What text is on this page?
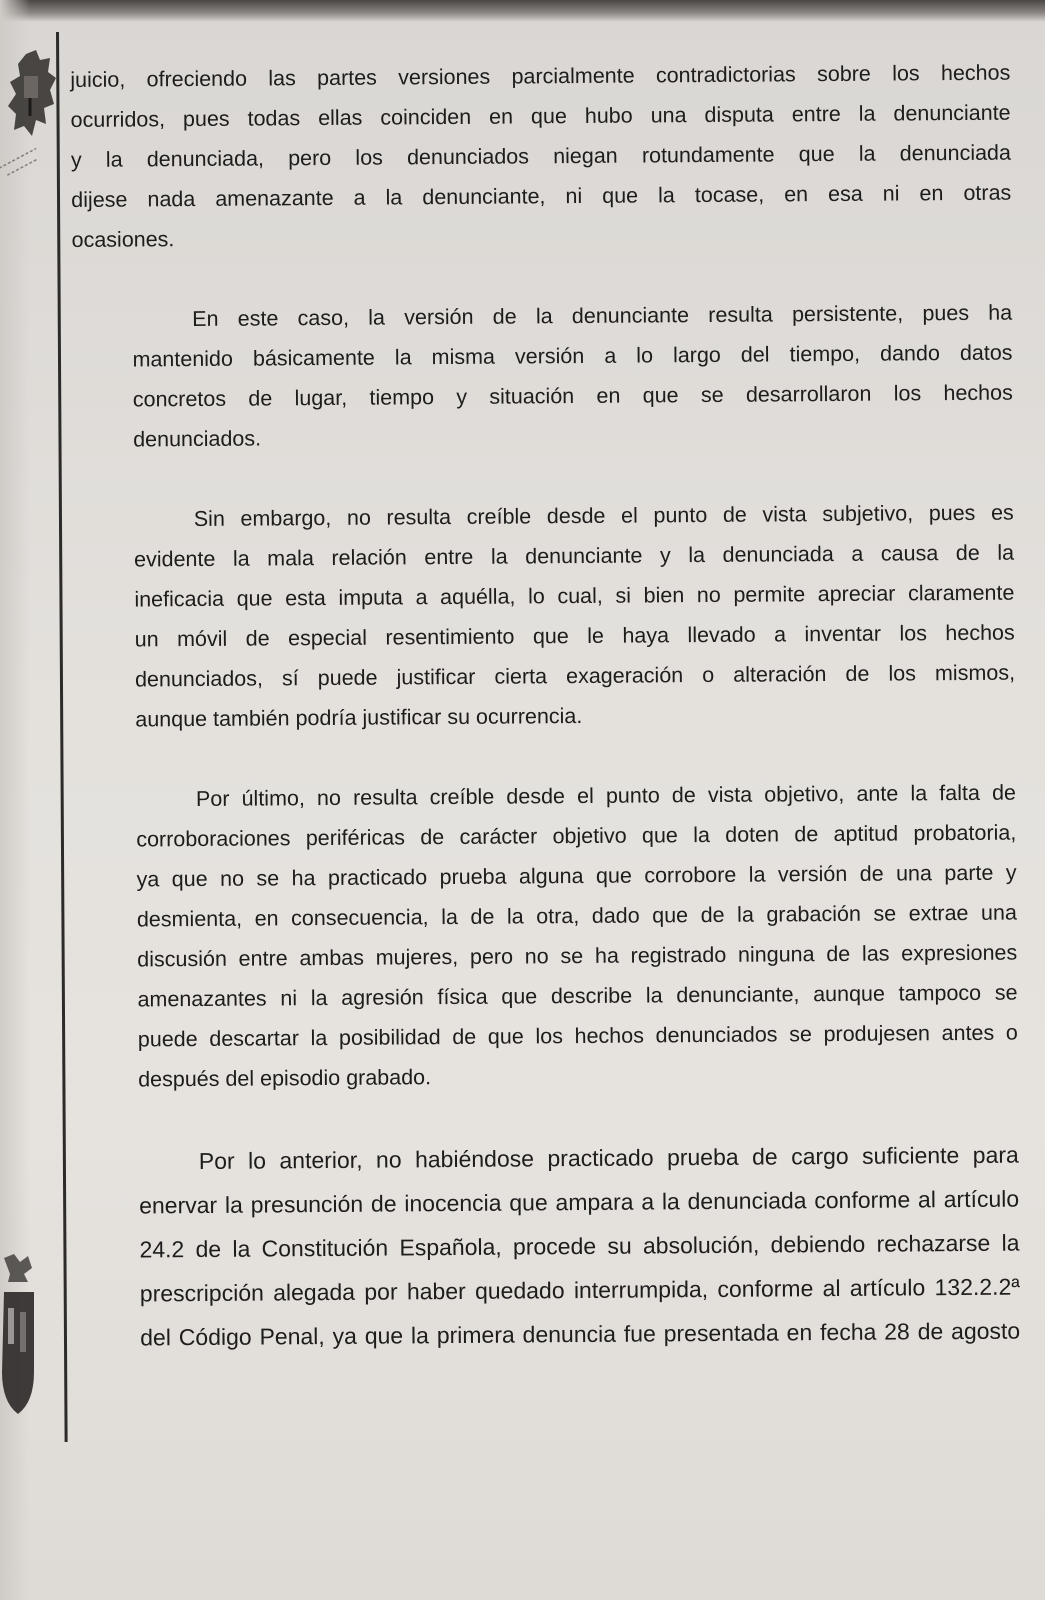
juicio, ofreciendo las partes versiones parcialmente contradictorias sobre los hechos
ocurridos, pues todas ellas coinciden en que hubo una disputa entre la denunciante
y la denunciada, pero los denunciados niegan rotundamente que la denunciada
dijese nada amenazante a la denunciante, ni que la tocase, en esa ni en otras
ocasiones.
En este caso, la versión de la denunciante resulta persistente, pues ha
mantenido básicamente la misma versión a lo largo del tiempo, dando datos
concretos de lugar, tiempo y situación en que se desarrollaron los hechos
denunciados.
Sin embargo, no resulta creíble desde el punto de vista subjetivo, pues es
evidente la mala relación entre la denunciante y la denunciada a causa de la
ineficacia que esta imputa a aquélla, lo cual, si bien no permite apreciar claramente
un móvil de especial resentimiento que le haya llevado a inventar los hechos
denunciados, sí puede justificar cierta exageración o alteración de los mismos,
aunque también podría justificar su ocurrencia.
Por último, no resulta creíble desde el punto de vista objetivo, ante la falta de
corroboraciones periféricas de carácter objetivo que la doten de aptitud probatoria,
ya que no se ha practicado prueba alguna que corrobore la versión de una parte y
desmienta, en consecuencia, la de la otra, dado que de la grabación se extrae una
discusión entre ambas mujeres, pero no se ha registrado ninguna de las expresiones
amenazantes ni la agresión física que describe la denunciante, aunque tampoco se
puede descartar la posibilidad de que los hechos denunciados se produjesen antes o
después del episodio grabado.
Por lo anterior, no habiéndose practicado prueba de cargo suficiente para
enervar la presunción de inocencia que ampara a la denunciada conforme al artículo
24.2 de la Constitución Española, procede su absolución, debiendo rechazarse la
prescripción alegada por haber quedado interrumpida, conforme al artículo 132.2.2ª
del Código Penal, ya que la primera denuncia fue presentada en fecha 28 de agosto
